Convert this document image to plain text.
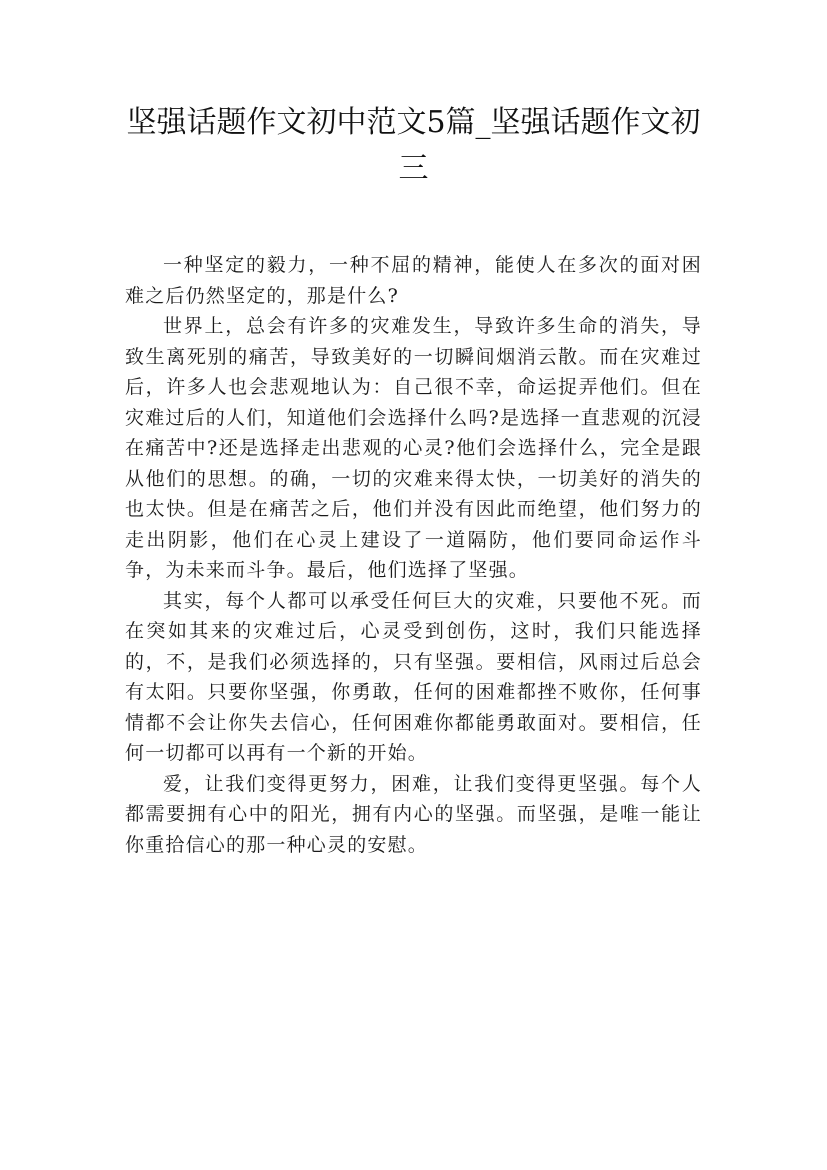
坚强话题作文初中范文5篇_坚强话题作文初三

一种坚定的毅力，一种不屈的精神，能使人在多次的面对困难之后仍然坚定的，那是什么?

世界上，总会有许多的灾难发生，导致许多生命的消失，导致生离死别的痛苦，导致美好的一切瞬间烟消云散。而在灾难过后，许多人也会悲观地认为：自己很不幸，命运捉弄他们。但在灾难过后的人们，知道他们会选择什么吗?是选择一直悲观的沉浸在痛苦中?还是选择走出悲观的心灵?他们会选择什么，完全是跟从他们的思想。的确，一切的灾难来得太快，一切美好的消失的也太快。但是在痛苦之后，他们并没有因此而绝望，他们努力的走出阴影，他们在心灵上建设了一道隔防，他们要同命运作斗争，为未来而斗争。最后，他们选择了坚强。

其实，每个人都可以承受任何巨大的灾难，只要他不死。而在突如其来的灾难过后，心灵受到创伤，这时，我们只能选择的，不，是我们必须选择的，只有坚强。要相信，风雨过后总会有太阳。只要你坚强，你勇敢，任何的困难都挫不败你，任何事情都不会让你失去信心，任何困难你都能勇敢面对。要相信，任何一切都可以再有一个新的开始。

爱，让我们变得更努力，困难，让我们变得更坚强。每个人都需要拥有心中的阳光，拥有内心的坚强。而坚强，是唯一能让你重拾信心的那一种心灵的安慰。
